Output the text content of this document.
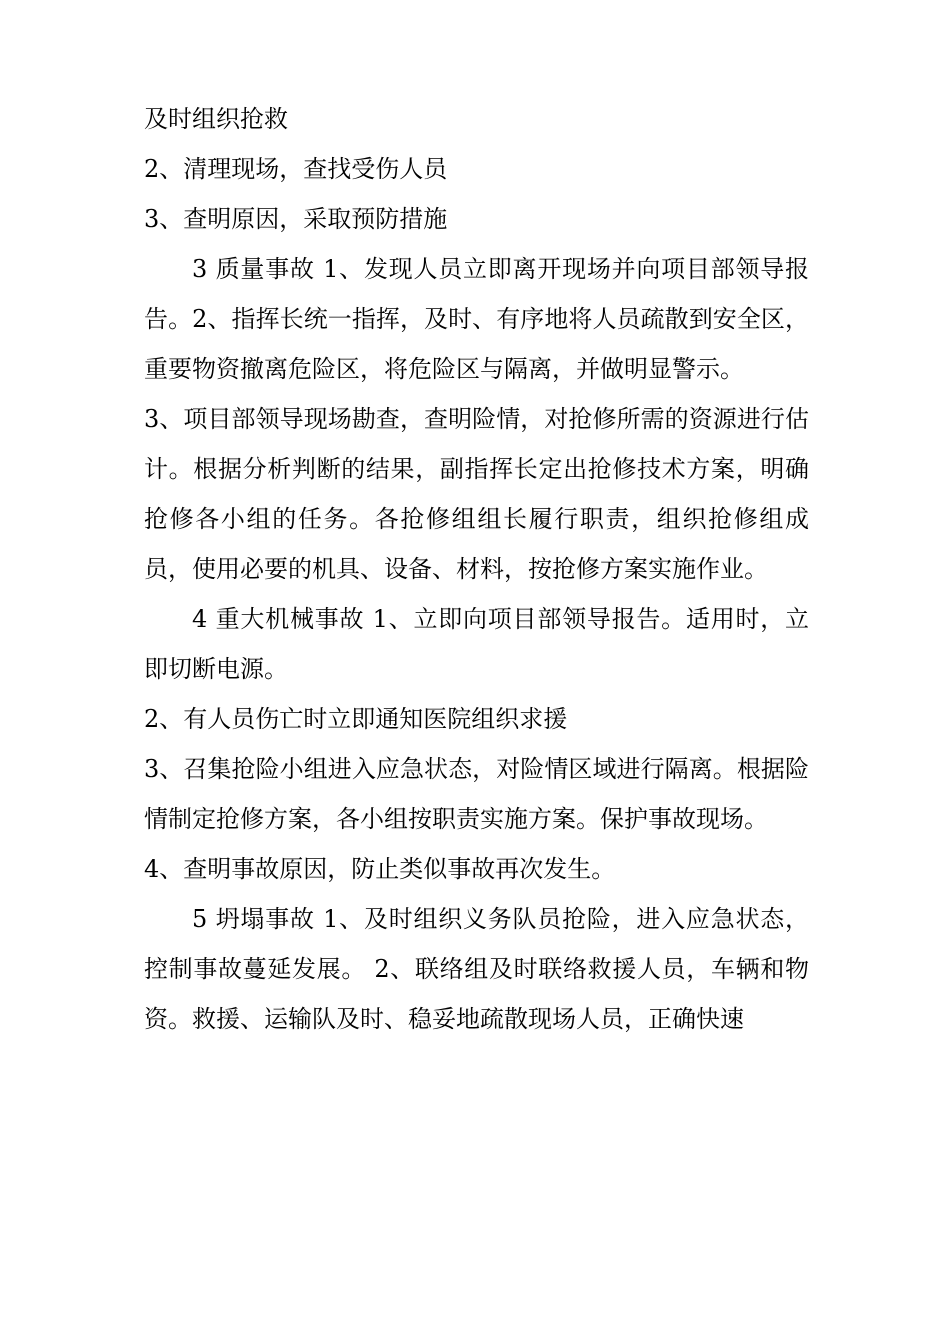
及时组织抢救

2、清理现场，查找受伤人员

3、查明原因，采取预防措施

3 质量事故 1、发现人员立即离开现场并向项目部领导报告。2、指挥长统一指挥，及时、有序地将人员疏散到安全区，重要物资撤离危险区，将危险区与隔离，并做明显警示。

3、项目部领导现场勘查，查明险情，对抢修所需的资源进行估计。根据分析判断的结果，副指挥长定出抢修技术方案，明确抢修各小组的任务。各抢修组组长履行职责，组织抢修组成员，使用必要的机具、设备、材料，按抢修方案实施作业。

4 重大机械事故 1、立即向项目部领导报告。适用时，立即切断电源。

2、有人员伤亡时立即通知医院组织求援

3、召集抢险小组进入应急状态，对险情区域进行隔离。根据险情制定抢修方案，各小组按职责实施方案。保护事故现场。

4、查明事故原因，防止类似事故再次发生。

5 坍塌事故 1、及时组织义务队员抢险，进入应急状态，控制事故蔓延发展。 2、联络组及时联络救援人员，车辆和物资。救援、运输队及时、稳妥地疏散现场人员，正确快速
